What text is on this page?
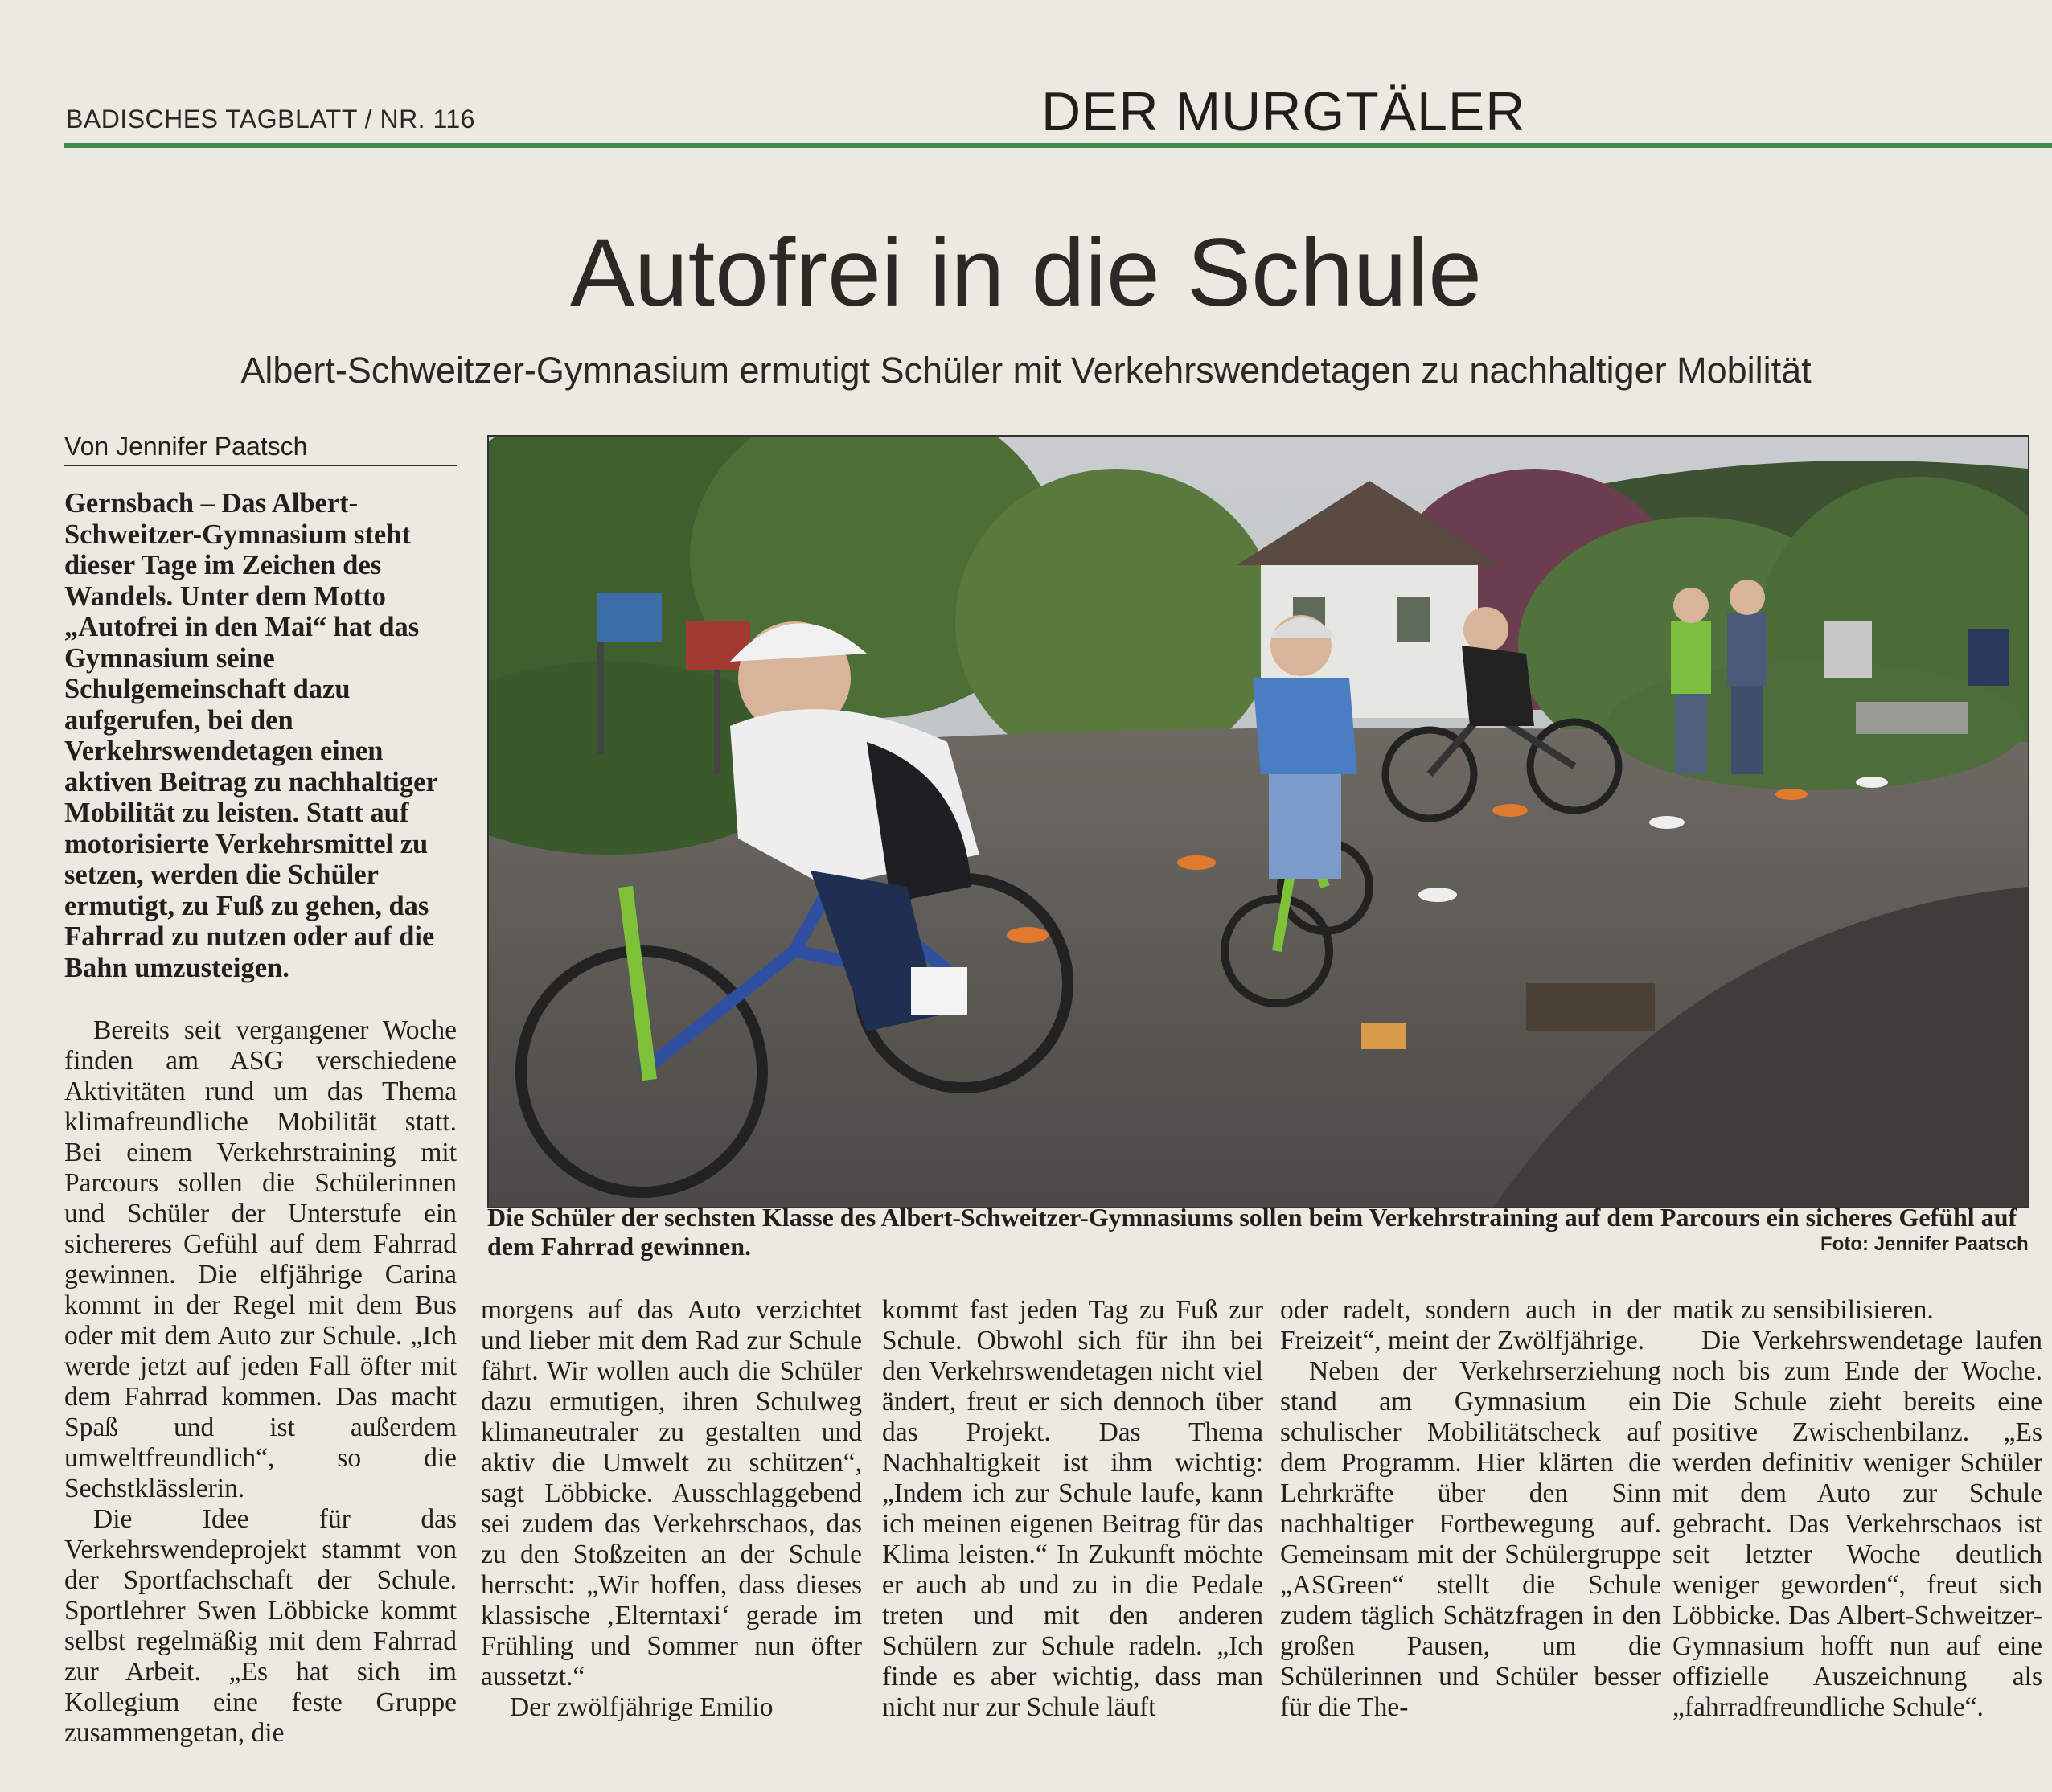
BADISCHES TAGBLATT / NR. 116	DER MURGTÄLER
Autofrei in die Schule
Albert-Schweitzer-Gymnasium ermutigt Schüler mit Verkehrswendetagen zu nachhaltiger Mobilität
Von Jennifer Paatsch

Gernsbach – Das Albert-Schweitzer-Gymnasium steht dieser Tage im Zeichen des Wandels. Unter dem Motto „Autofrei in den Mai“ hat das Gymnasium seine Schulgemeinschaft dazu aufgerufen, bei den Verkehrswendetagen einen aktiven Beitrag zu nachhaltiger Mobilität zu leisten. Statt auf motorisierte Verkehrsmittel zu setzen, werden die Schüler ermutigt, zu Fuß zu gehen, das Fahrrad zu nutzen oder auf die Bahn umzusteigen.

Bereits seit vergangener Woche finden am ASG verschiedene Aktivitäten rund um das Thema klimafreundliche Mobilität statt. Bei einem Verkehrstraining mit Parcours sollen die Schülerinnen und Schüler der Unterstufe ein sichereres Gefühl auf dem Fahrrad gewinnen. Die elfjährige Carina kommt in der Regel mit dem Bus oder mit dem Auto zur Schule. „Ich werde jetzt auf jeden Fall öfter mit dem Fahrrad kommen. Das macht Spaß und ist außerdem umweltfreundlich“, so die Sechstklässlerin.

Die Idee für das Verkehrswendeprojekt stammt von der Sportfachschaft der Schule. Sportlehrer Swen Löbbicke kommt selbst regelmäßig mit dem Fahrrad zur Arbeit. „Es hat sich im Kollegium eine feste Gruppe zusammengetan, die

Die Schüler der sechsten Klasse des Albert-Schweitzer-Gymnasiums sollen beim Verkehrstraining auf dem Parcours ein sicheres Gefühl auf dem Fahrrad gewinnen.	Foto: Jennifer Paatsch

morgens auf das Auto verzichtet und lieber mit dem Rad zur Schule fährt. Wir wollen auch die Schüler dazu ermutigen, ihren Schulweg klimaneutraler zu gestalten und aktiv die Umwelt zu schützen“, sagt Löbbicke. Ausschlaggebend sei zudem das Verkehrschaos, das zu den Stoßzeiten an der Schule herrscht: „Wir hoffen, dass dieses klassische ‚Elterntaxi‘ gerade im Frühling und Sommer nun öfter aussetzt.“

Der zwölfjährige Emilio

kommt fast jeden Tag zu Fuß zur Schule. Obwohl sich für ihn bei den Verkehrswendetagen nicht viel ändert, freut er sich dennoch über das Projekt. Das Thema Nachhaltigkeit ist ihm wichtig: „Indem ich zur Schule laufe, kann ich meinen eigenen Beitrag für das Klima leisten.“ In Zukunft möchte er auch ab und zu in die Pedale treten und mit den anderen Schülern zur Schule radeln. „Ich finde es aber wichtig, dass man nicht nur zur Schule läuft

oder radelt, sondern auch in der Freizeit“, meint der Zwölfjährige.

Neben der Verkehrserziehung stand am Gymnasium ein schulischer Mobilitätscheck auf dem Programm. Hier klärten die Lehrkräfte über den Sinn nachhaltiger Fortbewegung auf. Gemeinsam mit der Schülergruppe „ASGreen“ stellt die Schule zudem täglich Schätzfragen in den großen Pausen, um die Schülerinnen und Schüler besser für die The-

matik zu sensibilisieren.

Die Verkehrswendetage laufen noch bis zum Ende der Woche. Die Schule zieht bereits eine positive Zwischenbilanz. „Es werden definitiv weniger Schüler mit dem Auto zur Schule gebracht. Das Verkehrschaos ist seit letzter Woche deutlich weniger geworden“, freut sich Löbbicke. Das Albert-Schweitzer-Gymnasium hofft nun auf eine offizielle Auszeichnung als „fahrradfreundliche Schule“.
